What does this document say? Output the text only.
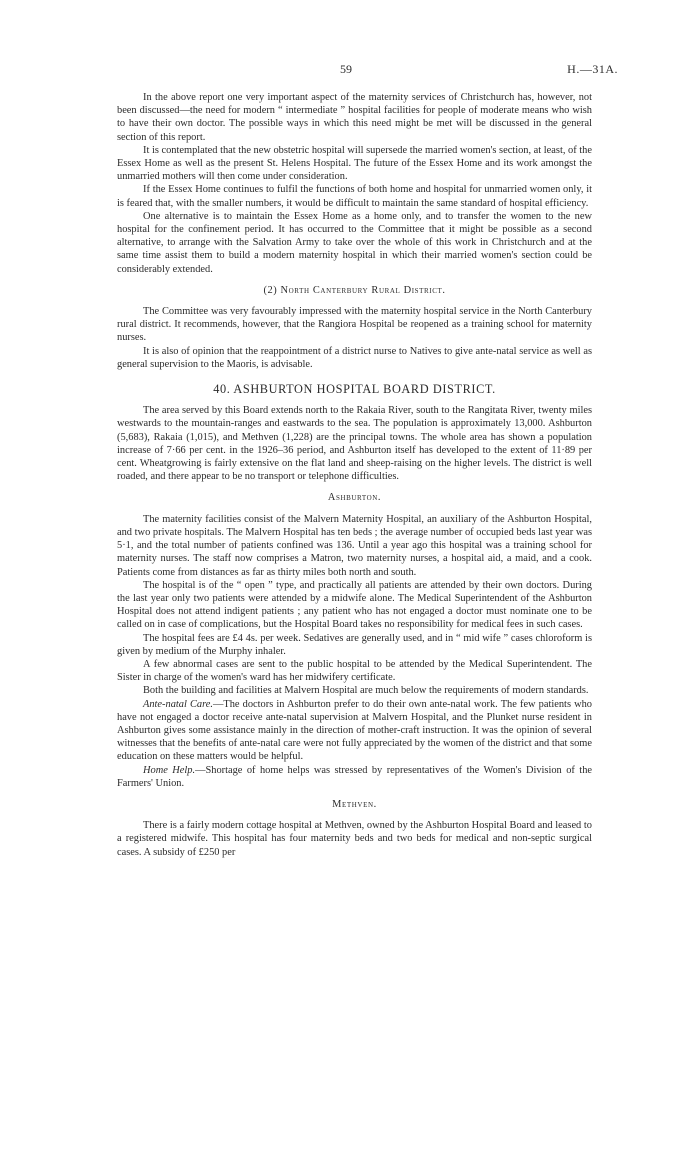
59	H.—31A.

In the above report one very important aspect of the maternity services of Christchurch has, however, not been discussed—the need for modern “ intermediate ” hospital facilities for people of moderate means who wish to have their own doctor. The possible ways in which this need might be met will be discussed in the general section of this report.

It is contemplated that the new obstetric hospital will supersede the married women's section, at least, of the Essex Home as well as the present St. Helens Hospital. The future of the Essex Home and its work amongst the unmarried mothers will then come under consideration.

If the Essex Home continues to fulfil the functions of both home and hospital for unmarried women only, it is feared that, with the smaller numbers, it would be difficult to maintain the same standard of hospital efficiency.

One alternative is to maintain the Essex Home as a home only, and to transfer the women to the new hospital for the confinement period. It has occurred to the Committee that it might be possible as a second alternative, to arrange with the Salvation Army to take over the whole of this work in Christchurch and at the same time assist them to build a modern maternity hospital in which their married women's section could be considerably extended.

(2) North Canterbury Rural District.

The Committee was very favourably impressed with the maternity hospital service in the North Canterbury rural district. It recommends, however, that the Rangiora Hospital be reopened as a training school for maternity nurses.

It is also of opinion that the reappointment of a district nurse to Natives to give ante-natal service as well as general supervision to the Maoris, is advisable.

40. ASHBURTON HOSPITAL BOARD DISTRICT.

The area served by this Board extends north to the Rakaia River, south to the Rangitata River, twenty miles westwards to the mountain-ranges and eastwards to the sea. The population is approximately 13,000. Ashburton (5,683), Rakaia (1,015), and Methven (1,228) are the principal towns. The whole area has shown a population increase of 7·66 per cent. in the 1926–36 period, and Ashburton itself has developed to the extent of 11·89 per cent. Wheatgrowing is fairly extensive on the flat land and sheep-raising on the higher levels. The district is well roaded, and there appear to be no transport or telephone difficulties.

Ashburton.

The maternity facilities consist of the Malvern Maternity Hospital, an auxiliary of the Ashburton Hospital, and two private hospitals. The Malvern Hospital has ten beds ; the average number of occupied beds last year was 5·1, and the total number of patients confined was 136. Until a year ago this hospital was a training school for maternity nurses. The staff now comprises a Matron, two maternity nurses, a hospital aid, a maid, and a cook. Patients come from distances as far as thirty miles both north and south.

The hospital is of the “ open ” type, and practically all patients are attended by their own doctors. During the last year only two patients were attended by a midwife alone. The Medical Superintendent of the Ashburton Hospital does not attend indigent patients ; any patient who has not engaged a doctor must nominate one to be called on in case of complications, but the Hospital Board takes no responsibility for medical fees in such cases.

The hospital fees are £4 4s. per week. Sedatives are generally used, and in “ mid wife ” cases chloroform is given by medium of the Murphy inhaler.

A few abnormal cases are sent to the public hospital to be attended by the Medical Superintendent. The Sister in charge of the women's ward has her midwifery certificate.

Both the building and facilities at Malvern Hospital are much below the requirements of modern standards.

Ante-natal Care.—The doctors in Ashburton prefer to do their own ante-natal work. The few patients who have not engaged a doctor receive ante-natal supervision at Malvern Hospital, and the Plunket nurse resident in Ashburton gives some assistance mainly in the direction of mother-craft instruction. It was the opinion of several witnesses that the benefits of ante-natal care were not fully appreciated by the women of the district and that some education on these matters would be helpful.

Home Help.—Shortage of home helps was stressed by representatives of the Women's Division of the Farmers' Union.

Methven.

There is a fairly modern cottage hospital at Methven, owned by the Ashburton Hospital Board and leased to a registered midwife. This hospital has four maternity beds and two beds for medical and non-septic surgical cases. A subsidy of £250 per
